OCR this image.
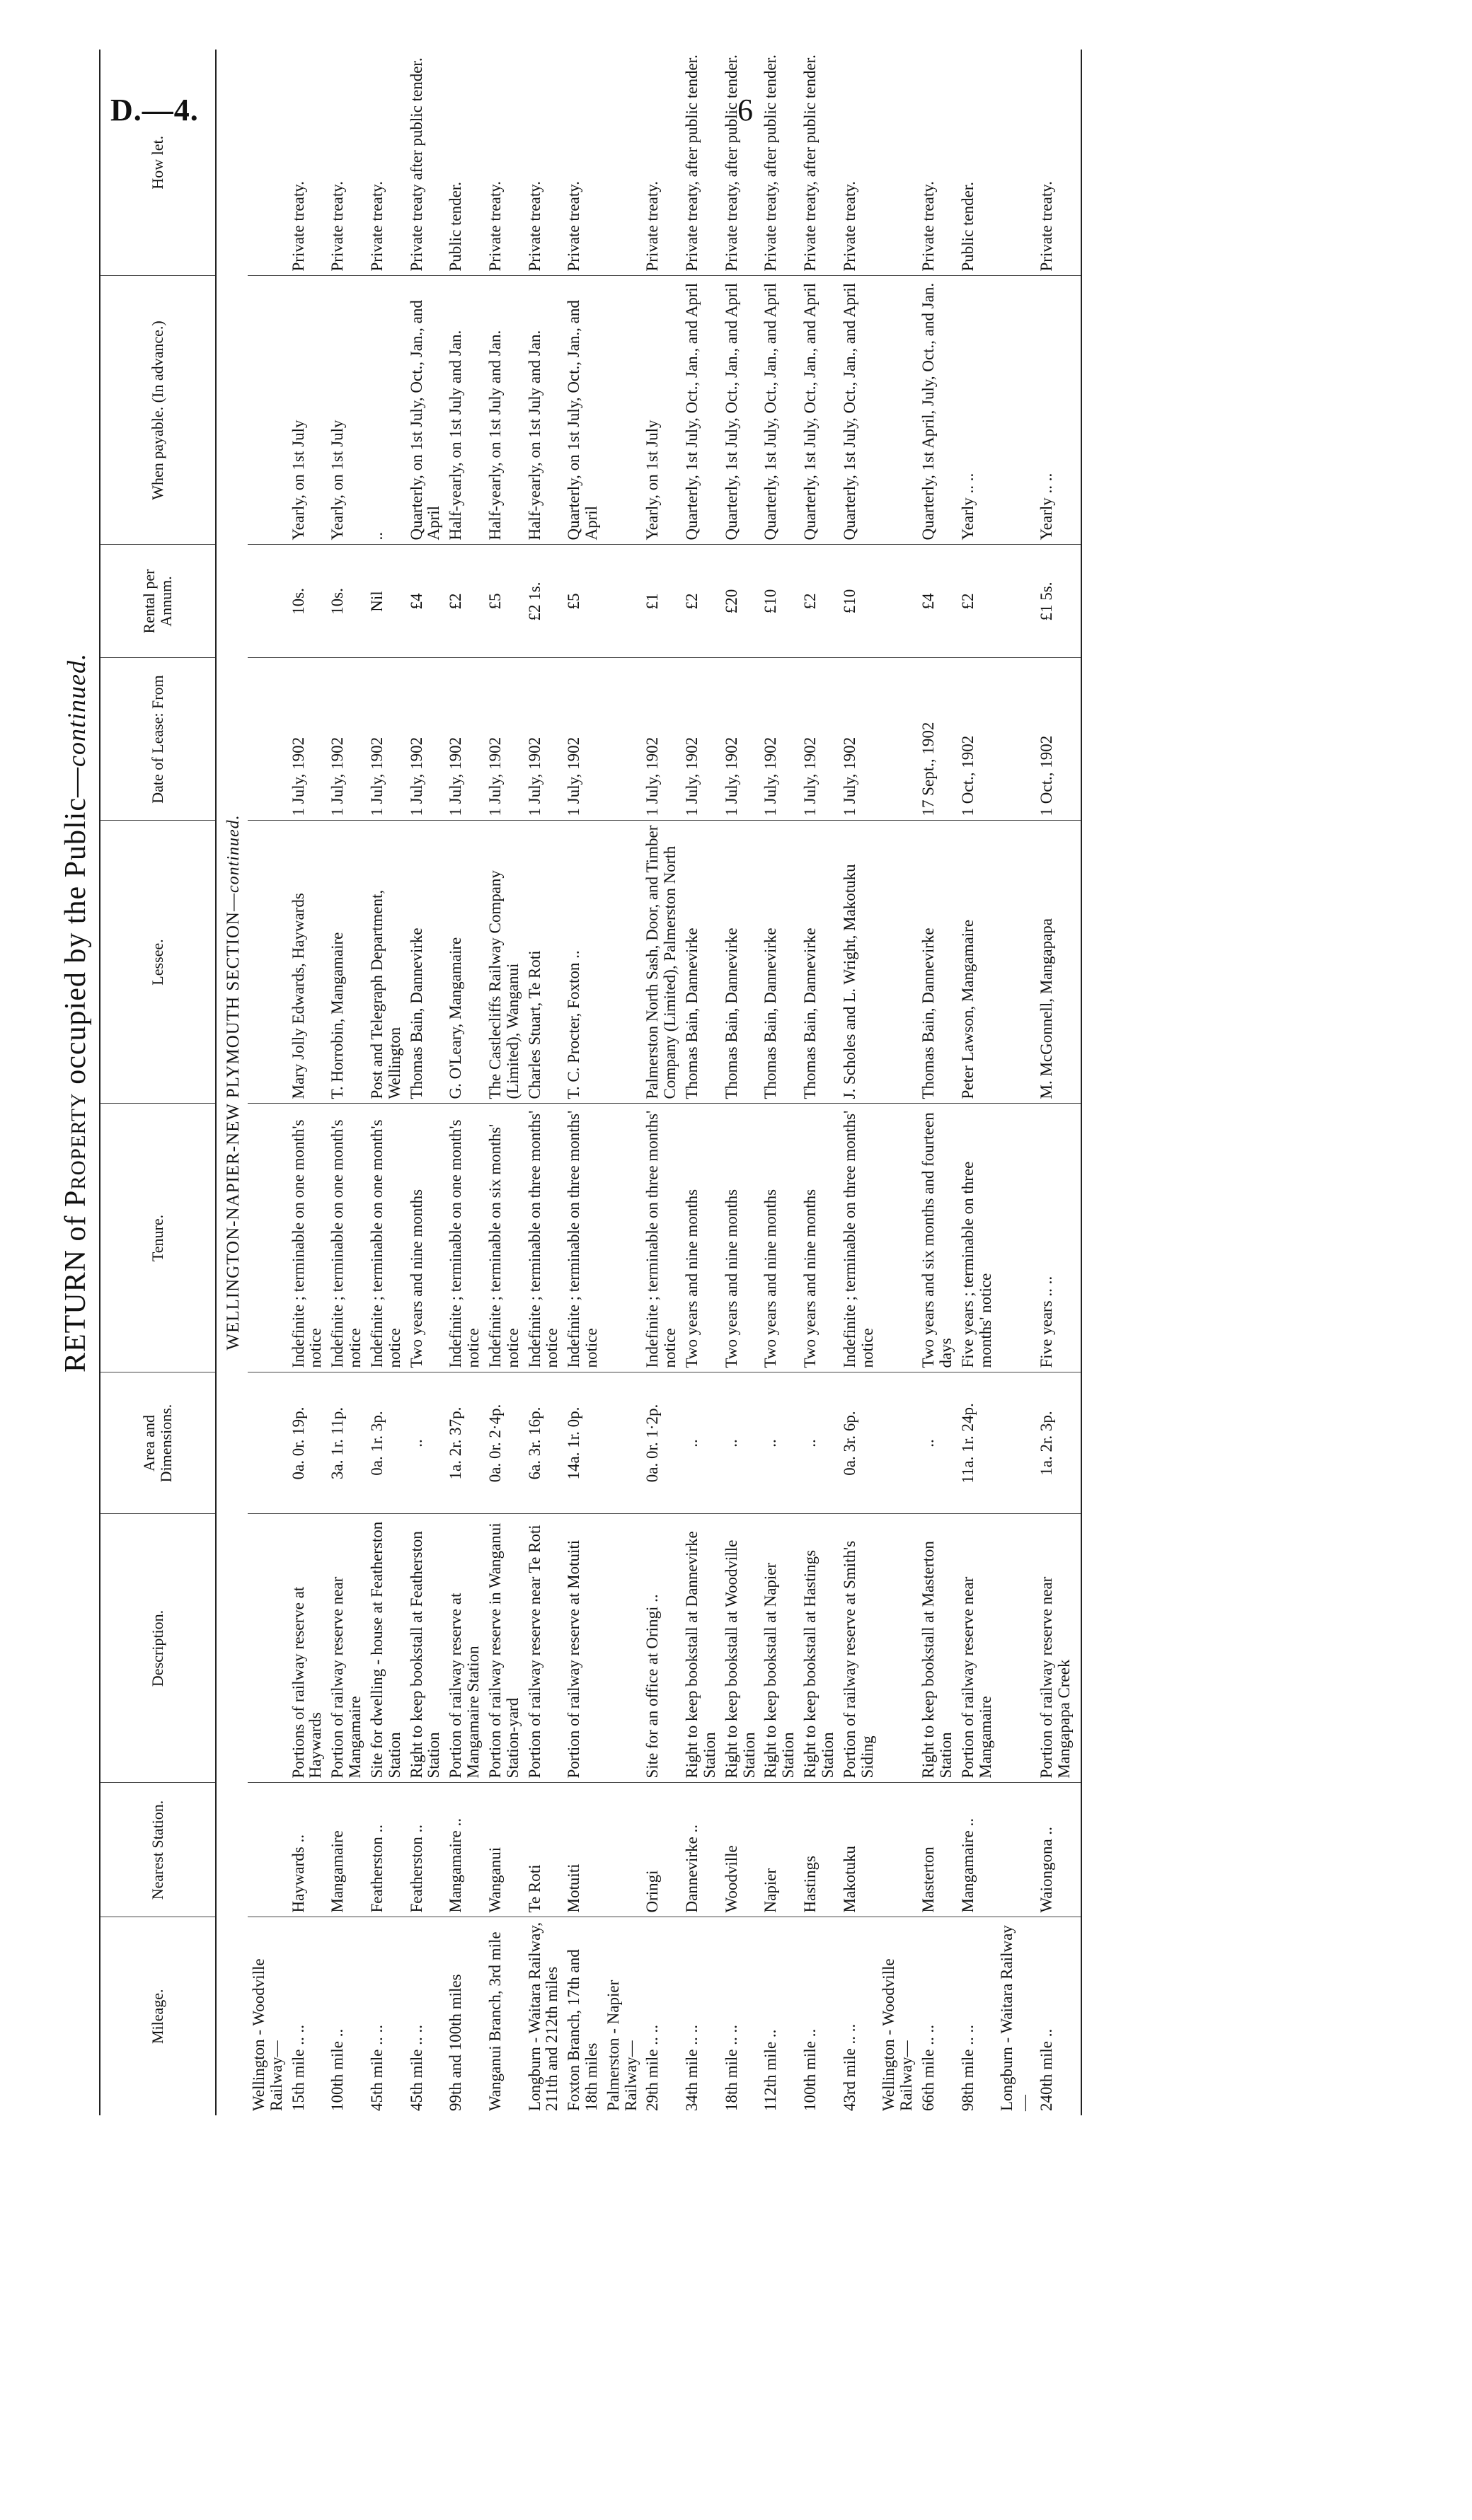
D.—4.	6
RETURN of Property occupied by the Public—continued.
Mileage.	Nearest Station.	Description.	Area and Dimensions.	Tenure.	Lessee.	Date of Lease: From	Rental per Annum.	When payable. (In advance.)	How let.
WELLINGTON-NAPIER-NEW PLYMOUTH SECTION—continued.									
Wellington - Woodville Railway—									
15th mile .. ..	Haywards ..	Portions of railway reserve at Haywards	0a. 0r. 19p.	Indefinite ; terminable on one month's notice	Mary Jolly Edwards, Haywards	1 July, 1902	10s.	Yearly, on 1st July	Private treaty.
100th mile ..	Mangamaire	Portion of railway reserve near Mangamaire	3a. 1r. 11p.	Indefinite ; terminable on one month's notice	T. Horrobin, Mangamaire	1 July, 1902	10s.	Yearly, on 1st July	Private treaty.
45th mile .. ..	Featherston ..	Site for dwelling - house at Featherston Station	0a. 1r. 3p.	Indefinite ; terminable on one month's notice	Post and Telegraph Department, Wellington	1 July, 1902	Nil	..	Private treaty.
45th mile .. ..	Featherston ..	Right to keep bookstall at Featherston Station	..	Two years and nine months	Thomas Bain, Dannevirke	1 July, 1902	£4	Quarterly, on 1st July, Oct., Jan., and April	Private treaty after public tender.
99th and 100th miles	Mangamaire ..	Portion of railway reserve at Mangamaire Station	1a. 2r. 37p.	Indefinite ; terminable on one month's notice	G. O'Leary, Mangamaire	1 July, 1902	£2	Half-yearly, on 1st July and Jan.	Public tender.
Wanganui Branch, 3rd mile	Wanganui	Portion of railway reserve in Wanganui Station-yard	0a. 0r. 2·4p.	Indefinite ; terminable on six months' notice	The Castlecliffs Railway Company (Limited), Wanganui	1 July, 1902	£5	Half-yearly, on 1st July and Jan.	Private treaty.
Longburn - Waitara Railway, 211th and 212th miles	Te Roti	Portion of railway reserve near Te Roti	6a. 3r. 16p.	Indefinite ; terminable on three months' notice	Charles Stuart, Te Roti	1 July, 1902	£2 1s.	Half-yearly, on 1st July and Jan.	Private treaty.
Foxton Branch, 17th and 18th miles	Motuiti	Portion of railway reserve at Motuiti	14a. 1r. 0p.	Indefinite ; terminable on three months' notice	T. C. Procter, Foxton ..	1 July, 1902	£5	Quarterly, on 1st July, Oct., Jan., and April	Private treaty.
Palmerston - Napier Railway—									
29th mile .. ..	Oringi	Site for an office at Oringi ..	0a. 0r. 1·2p.	Indefinite ; terminable on three months' notice	Palmerston North Sash, Door, and Timber Company (Limited), Palmerston North	1 July, 1902	£1	Yearly, on 1st July	Private treaty.
34th mile .. ..	Dannevirke ..	Right to keep bookstall at Dannevirke Station	..	Two years and nine months	Thomas Bain, Dannevirke	1 July, 1902	£2	Quarterly, 1st July, Oct., Jan., and April	Private treaty, after public tender.
18th mile .. ..	Woodville	Right to keep bookstall at Woodville Station	..	Two years and nine months	Thomas Bain, Dannevirke	1 July, 1902	£20	Quarterly, 1st July, Oct., Jan., and April	Private treaty, after public tender.
112th mile ..	Napier	Right to keep bookstall at Napier Station	..	Two years and nine months	Thomas Bain, Dannevirke	1 July, 1902	£10	Quarterly, 1st July, Oct., Jan., and April	Private treaty, after public tender.
100th mile ..	Hastings	Right to keep bookstall at Hastings Station	..	Two years and nine months	Thomas Bain, Dannevirke	1 July, 1902	£2	Quarterly, 1st July, Oct., Jan., and April	Private treaty, after public tender.
43rd mile .. ..	Makotuku	Portion of railway reserve at Smith's Siding	0a. 3r. 6p.	Indefinite ; terminable on three months' notice	J. Scholes and L. Wright, Makotuku	1 July, 1902	£10	Quarterly, 1st July, Oct., Jan., and April	Private treaty.
Wellington - Woodville Railway—									
66th mile .. ..	Masterton	Right to keep bookstall at Masterton Station	..	Two years and six months and fourteen days	Thomas Bain, Dannevirke	17 Sept., 1902	£4	Quarterly, 1st April, July, Oct., and Jan.	Private treaty.
98th mile .. ..	Mangamaire ..	Portion of railway reserve near Mangamaire	11a. 1r. 24p.	Five years ; terminable on three months' notice	Peter Lawson, Mangamaire	1 Oct., 1902	£2	Yearly .. ..	Public tender.
Longburn - Waitara Railway—									
240th mile ..	Waiongona ..	Portion of railway reserve near Mangapapa Creek	1a. 2r. 3p.	Five years .. ..	M. McGonnell, Mangapapa	1 Oct., 1902	£1 5s.	Yearly .. ..	Private treaty.
